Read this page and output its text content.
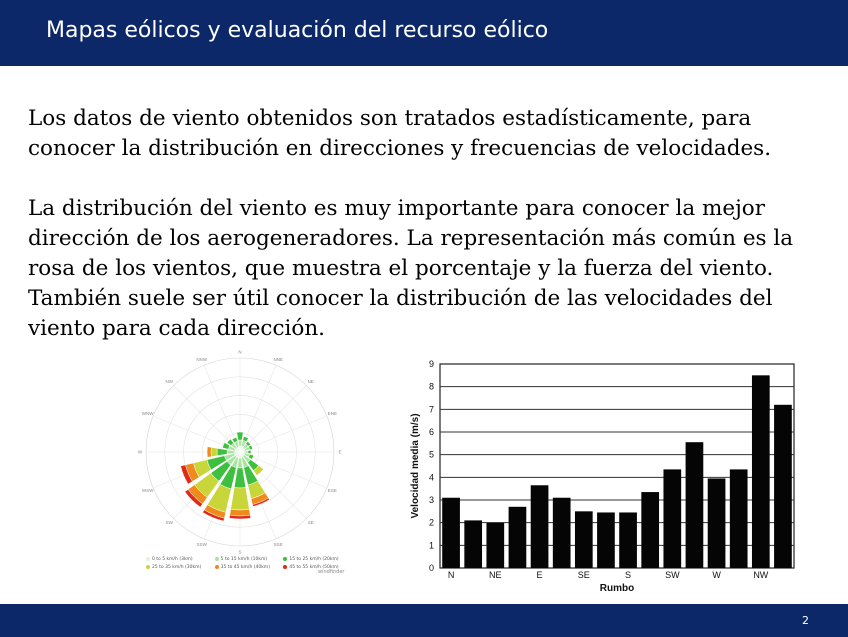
Mapas eólicos y evaluación del recurso eólico

Los datos de viento obtenidos son tratados estadísticamente, para conocer la distribución en direcciones y frecuencias de velocidades.

La distribución del viento es muy importante para conocer la mejor dirección de los aerogeneradores. La representación más común es la rosa de los vientos, que muestra el porcentaje y la fuerza del viento. También suele ser útil conocer la distribución de las velocidades del viento para cada dirección.

N
NNE
NE
ENE
E
ESE
SE
SSE
S
SSW
SW
WSW
W
WNW
NW
NNW
0 to 5 km/h (3km)	5 to 15 km/h (10km)	15 to 25 km/h (20km)
25 to 35 km/h (30km)	35 to 45 km/h (40km)	45 to 55 km/h (50km)
windfinder	0
1
2
3
4
5
6
7
8
9
N	NE	E	SE	S	SW	W	NW
Rumbo
Velocidad media (m/s)
2
